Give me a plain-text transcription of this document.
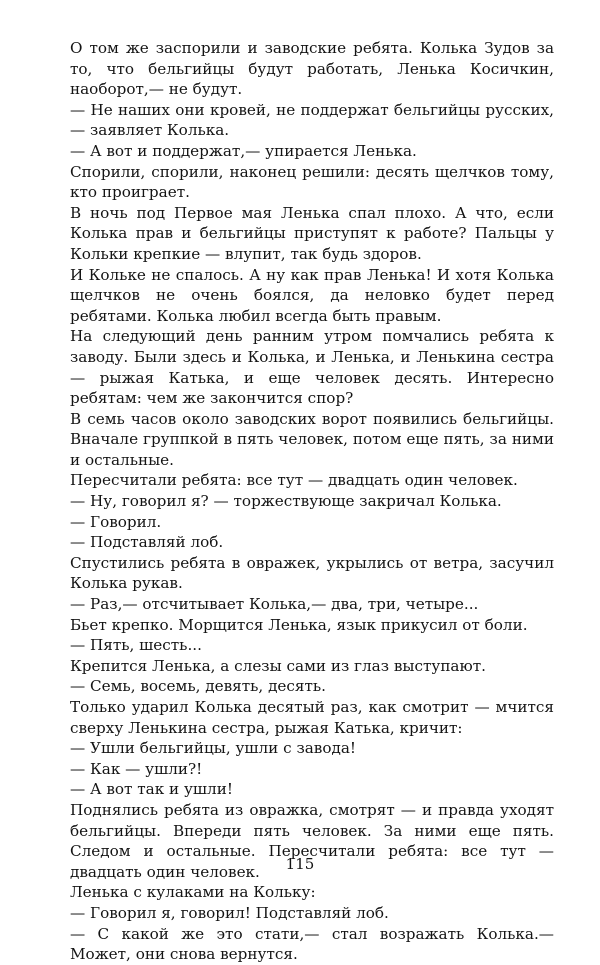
О том же заспорили и заводские ребята. Колька Зудов за то, что бельгийцы будут работать, Ленька Косичкин, наоборот,— не будут.

— Не наших они кровей, не поддержат бельгийцы русских,— заявляет Колька.

— А вот и поддержат,— упирается Ленька.

Спорили, спорили, наконец решили: десять щелчков тому, кто проиграет.

В ночь под Первое мая Ленька спал плохо. А что, если Колька прав и бельгийцы приступят к работе? Пальцы у Кольки крепкие — влупит, так будь здоров.

И Кольке не спалось. А ну как прав Ленька! И хотя Колька щелчков не очень боялся, да неловко будет перед ребятами. Колька любил всегда быть правым.

На следующий день ранним утром помчались ребята к заводу. Были здесь и Колька, и Ленька, и Ленькина сестра — рыжая Катька, и еще человек десять. Интересно ребятам: чем же закончится спор?

В семь часов около заводских ворот появились бельгийцы. Вначале группкой в пять человек, потом еще пять, за ними и остальные.

Пересчитали ребята: все тут — двадцать один человек.

— Ну, говорил я? — торжествующе закричал Колька.

— Говорил.

— Подставляй лоб.

Спустились ребята в овражек, укрылись от ветра, засучил Колька рукав.

— Раз,— отсчитывает Колька,— два, три, четыре...

Бьет крепко. Морщится Ленька, язык прикусил от боли.

— Пять, шесть...

Крепится Ленька, а слезы сами из глаз выступают.

— Семь, восемь, девять, десять.

Только ударил Колька десятый раз, как смотрит — мчится сверху Ленькина сестра, рыжая Катька, кричит:

— Ушли бельгийцы, ушли с завода!

— Как — ушли?!

— А вот так и ушли!

Поднялись ребята из овражка, смотрят — и правда уходят бельгийцы. Впереди пять человек. За ними еще пять. Следом и остальные. Пересчитали ребята: все тут — двадцать один человек.

Ленька с кулаками на Кольку:

— Говорил я, говорил! Подставляй лоб.

— С какой же это стати,— стал возражать Колька.— Может, они снова вернутся.

115
